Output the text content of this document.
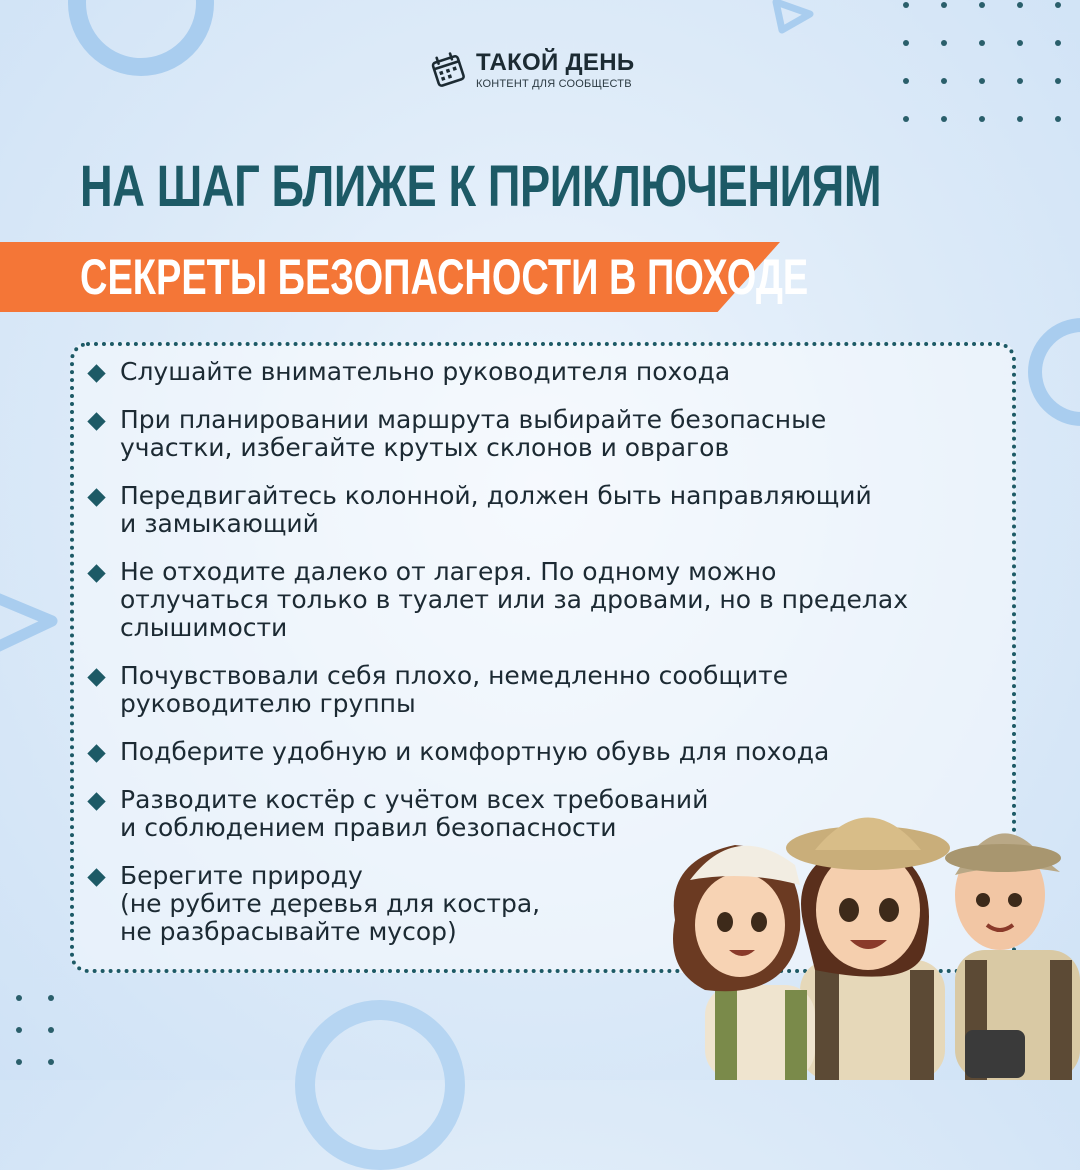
ТАКОЙ ДЕНЬ
КОНТЕНТ ДЛЯ СООБЩЕСТВ
НА ШАГ БЛИЖЕ К ПРИКЛЮЧЕНИЯМ
СЕКРЕТЫ БЕЗОПАСНОСТИ В ПОХОДЕ
Слушайте внимательно руководителя похода
При планировании маршрута выбирайте безопасные
участки, избегайте крутых склонов и оврагов
Передвигайтесь колонной, должен быть направляющий
и замыкающий
Не отходите далеко от лагеря. По одному можно
отлучаться только в туалет или за дровами, но в пределах
слышимости
Почувствовали себя плохо, немедленно сообщите
руководителю группы
Подберите удобную и комфортную обувь для похода
Разводите костёр с учётом всех требований
и соблюдением правил безопасности
Берегите природу
(не рубите деревья для костра,
не разбрасывайте мусор)
